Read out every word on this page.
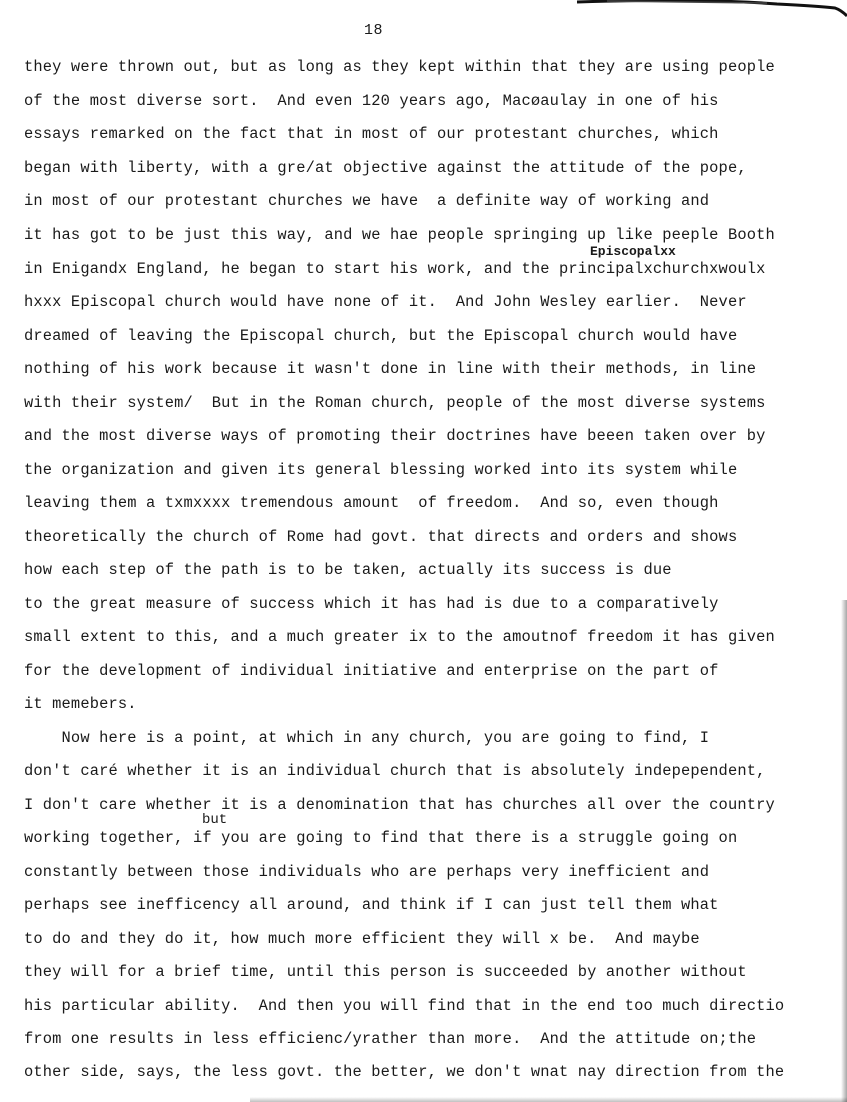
18
they were thrown out, but as long as they kept within that they are using people
of the most diverse sort.  And even 120 years ago, Macøaulay in one of his
essays remarked on the fact that in most of our protestant churches, which
began with liberty, with a gre/at objective against the attitude of the pope,
in most of our protestant churches we have  a definite way of working and
it has got to be just this way, and we hae people springing up like peeple Booth
Episcopalxx
in Enigandx England, he began to start his work, and the principalxchurchxwoulx
hxxx Episcopal church would have none of it.  And John Wesley earlier.  Never
dreamed of leaving the Episcopal church, but the Episcopal church would have
nothing of his work because it wasn't done in line with their methods, in line
with their system/  But in the Roman church, people of the most diverse systems
and the most diverse ways of promoting their doctrines have beeen taken over by
the organization and given its general blessing worked into its system while
leaving them a txmxxxx tremendous amount  of freedom.  And so, even though
theoretically the church of Rome had govt. that directs and orders and shows
how each step of the path is to be taken, actually its success is due
to the great measure of success which it has had is due to a comparatively
small extent to this, and a much greater ix to the amoutnof freedom it has given
for the development of individual initiative and enterprise on the part of
it memebers.
Now here is a point, at which in any church, you are going to find, I
don't caré whether it is an individual church that is absolutely indepependent,
I don't care whether it is a denomination that has churches all over the country
but
working together, if you are going to find that there is a struggle going on
constantly between those individuals who are perhaps very inefficient and
perhaps see inefficency all around, and think if I can just tell them what
to do and they do it, how much more efficient they will x be.  And maybe
they will for a brief time, until this person is succeeded by another without
his particular ability.  And then you will find that in the end too much directio
from one results in less efficienc/yrather than more.  And the attitude on;the
other side, says, the less govt. the better, we don't wnat nay direction from the
